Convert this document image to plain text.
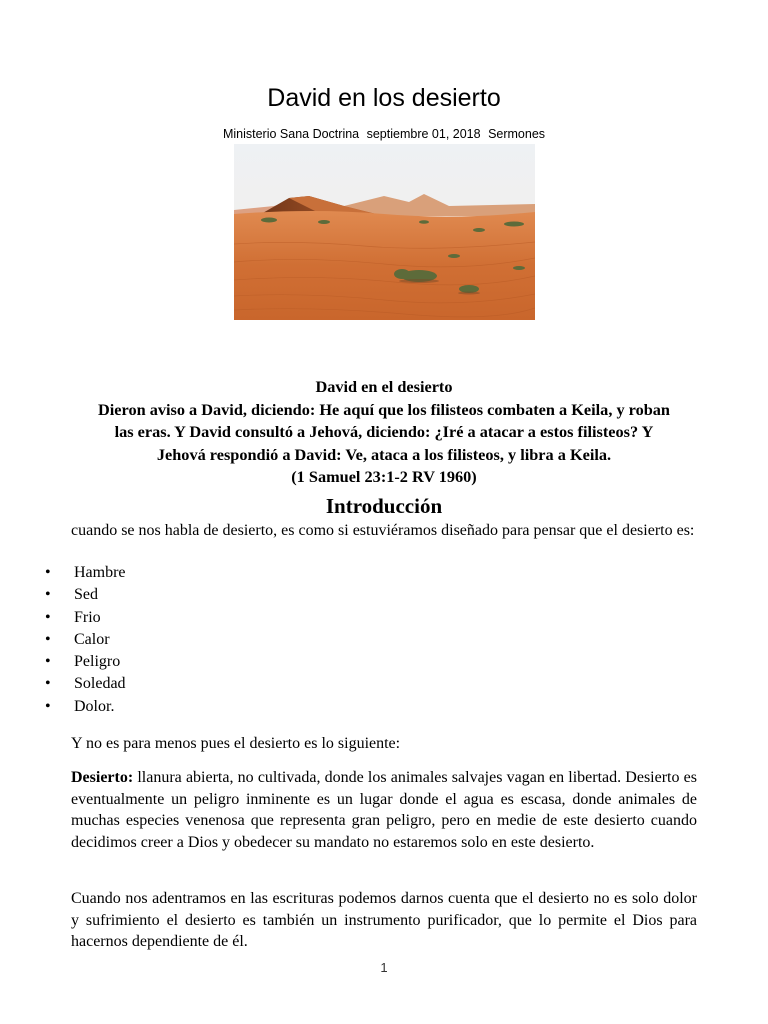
David en los desierto
Ministerio Sana Doctrina septiembre 01, 2018 Sermones
David en el desierto
Dieron aviso a David, diciendo: He aquí que los filisteos combaten a Keila, y roban
las eras. Y David consultó a Jehová, diciendo: ¿Iré a atacar a estos filisteos? Y
Jehová respondió a David: Ve, ataca a los filisteos, y libra a Keila.
(1 Samuel 23:1-2 RV 1960)
Introducción
cuando se nos habla de desierto, es como si estuviéramos diseñado para pensar que el desierto es:
• Hambre
• Sed
• Frio
• Calor
• Peligro
• Soledad
• Dolor.
Y no es para menos pues el desierto es lo siguiente:
Desierto: llanura abierta, no cultivada, donde los animales salvajes vagan en libertad. Desierto es eventualmente un peligro inminente es un lugar donde el agua es escasa, donde animales de muchas especies venenosa que representa gran peligro, pero en medie de este desierto cuando decidimos creer a Dios y obedecer su mandato no estaremos solo en este desierto.
Cuando nos adentramos en las escrituras podemos darnos cuenta que el desierto no es solo dolor y sufrimiento el desierto es también un instrumento purificador, que lo permite el Dios para hacernos dependiente de él.
1
